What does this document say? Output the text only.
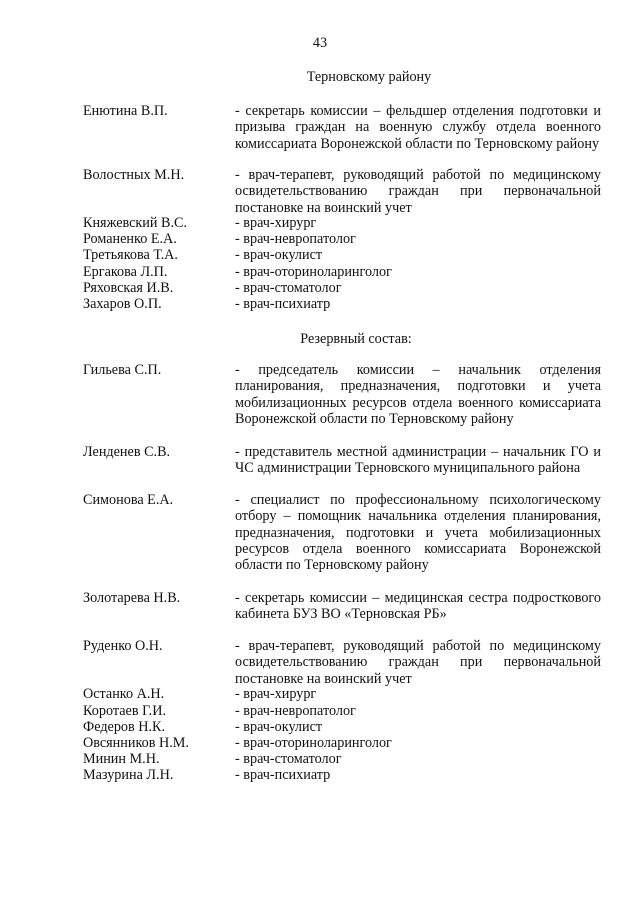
43
Терновскому району
Енютина В.П.	- секретарь комиссии – фельдшер отделения подготовки и призыва граждан на военную службу отдела военного комиссариата Воронежской области по Терновскому району
Волостных М.Н.	- врач-терапевт, руководящий работой по медицинскому освидетельствованию граждан при первоначальной постановке на воинский учет
Княжевский В.С.	- врач-хирург
Романенко Е.А.	- врач-невропатолог
Третьякова Т.А.	- врач-окулист
Ергакова Л.П.	- врач-оториноларинголог
Ряховская И.В.	- врач-стоматолог
Захаров О.П.	- врач-психиатр
Резервный состав:
Гильева С.П.	- председатель комиссии – начальник отделения планирования, предназначения, подготовки и учета мобилизационных ресурсов отдела военного комиссариата Воронежской области по Терновскому району
Ленденев С.В.	- представитель местной администрации – начальник ГО и ЧС администрации Терновского муниципального района
Симонова Е.А.	- специалист по профессиональному психологическому отбору – помощник начальника отделения планирования, предназначения, подготовки и учета мобилизационных ресурсов отдела военного комиссариата Воронежской области по Терновскому району
Золотарева Н.В.	- секретарь комиссии – медицинская сестра подросткового кабинета БУЗ ВО «Терновская РБ»
Руденко О.Н.	- врач-терапевт, руководящий работой по медицинскому освидетельствованию граждан при первоначальной постановке на воинский учет
Останко А.Н.	- врач-хирург
Коротаев Г.И.	- врач-невропатолог
Федеров Н.К.	- врач-окулист
Овсянников Н.М.	- врач-оториноларинголог
Минин М.Н.	- врач-стоматолог
Мазурина Л.Н.	- врач-психиатр
